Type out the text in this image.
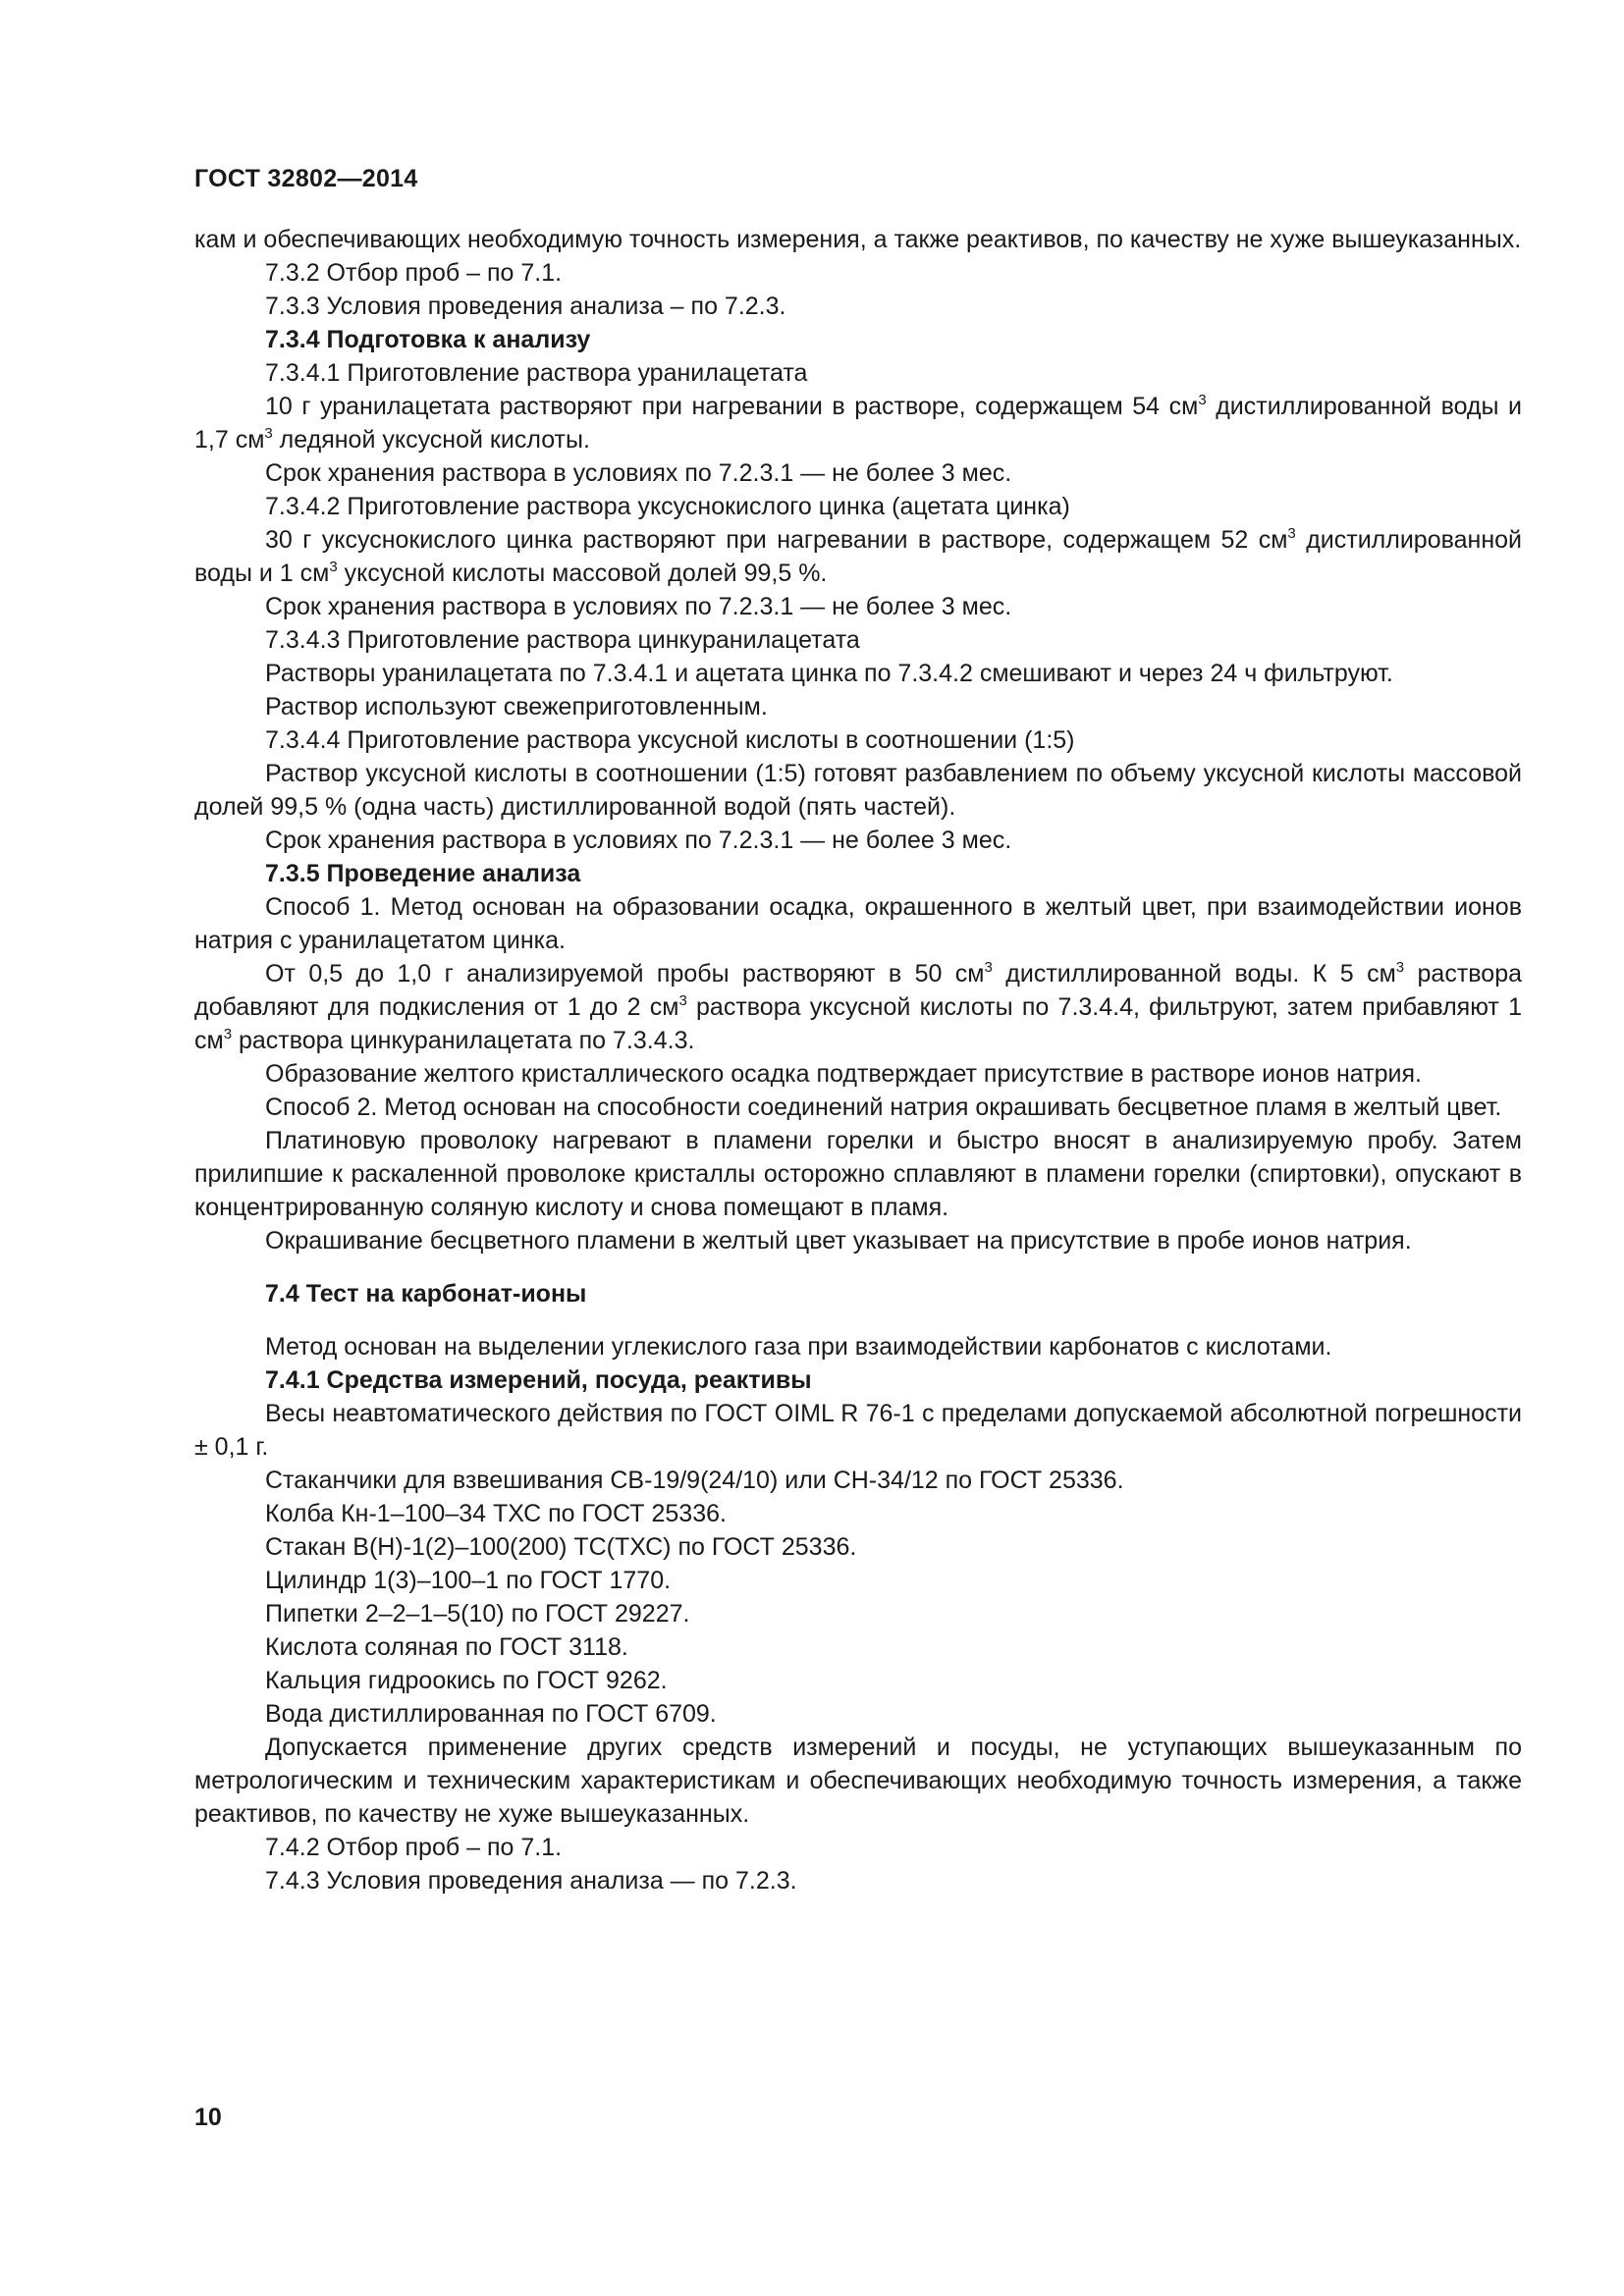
ГОСТ 32802—2014

кам и обеспечивающих необходимую точность измерения, а также реактивов, по качеству не хуже вышеуказанных.

7.3.2 Отбор проб – по 7.1.

7.3.3 Условия проведения анализа – по 7.2.3.

7.3.4 Подготовка к анализу

7.3.4.1 Приготовление раствора уранилацетата

10 г уранилацетата растворяют при нагревании в растворе, содержащем 54 $см^3$ дистиллированной воды и 1,7 $см^3$ ледяной уксусной кислоты.

Срок хранения раствора в условиях по 7.2.3.1 — не более 3 мес.

7.3.4.2 Приготовление раствора уксуснокислого цинка (ацетата цинка)

30 г уксуснокислого цинка растворяют при нагревании в растворе, содержащем 52 $см^3$ дистиллированной воды и 1 $см^3$ уксусной кислоты массовой долей 99,5 %.

Срок хранения раствора в условиях по 7.2.3.1 — не более 3 мес.

7.3.4.3 Приготовление раствора цинкуранилацетата

Растворы уранилацетата по 7.3.4.1 и ацетата цинка по 7.3.4.2 смешивают и через 24 ч фильтруют.

Раствор используют свежеприготовленным.

7.3.4.4 Приготовление раствора уксусной кислоты в соотношении (1:5)

Раствор уксусной кислоты в соотношении (1:5) готовят разбавлением по объему уксусной кислоты массовой долей 99,5 % (одна часть) дистиллированной водой (пять частей).

Срок хранения раствора в условиях по 7.2.3.1 — не более 3 мес.

7.3.5 Проведение анализа

Способ 1. Метод основан на образовании осадка, окрашенного в желтый цвет, при взаимодействии ионов натрия с уранилацетатом цинка.

От 0,5 до 1,0 г анализируемой пробы растворяют в 50 $см^3$ дистиллированной воды. К 5 $см^3$ раствора добавляют для подкисления от 1 до 2 $см^3$ раствора уксусной кислоты по 7.3.4.4, фильтруют, затем прибавляют 1 $см^3$ раствора цинкуранилацетата по 7.3.4.3.

Образование желтого кристаллического осадка подтверждает присутствие в растворе ионов натрия.

Способ 2. Метод основан на способности соединений натрия окрашивать бесцветное пламя в желтый цвет.

Платиновую проволоку нагревают в пламени горелки и быстро вносят в анализируемую пробу. Затем прилипшие к раскаленной проволоке кристаллы осторожно сплавляют в пламени горелки (спиртовки), опускают в концентрированную соляную кислоту и снова помещают в пламя.

Окрашивание бесцветного пламени в желтый цвет указывает на присутствие в пробе ионов натрия.

7.4 Тест на карбонат-ионы

Метод основан на выделении углекислого газа при взаимодействии карбонатов с кислотами.

7.4.1 Средства измерений, посуда, реактивы

Весы неавтоматического действия по ГОСТ OIML R 76-1 с пределами допускаемой абсолютной погрешности ± 0,1 г.

Стаканчики для взвешивания СВ-19/9(24/10) или СН-34/12 по ГОСТ 25336.

Колба Кн-1–100–34 ТХС по ГОСТ 25336.

Стакан В(Н)-1(2)–100(200) ТС(ТХС) по ГОСТ 25336.

Цилиндр 1(3)–100–1 по ГОСТ 1770.

Пипетки 2–2–1–5(10) по ГОСТ 29227.

Кислота соляная по ГОСТ 3118.

Кальция гидроокись по ГОСТ 9262.

Вода дистиллированная по ГОСТ 6709.

Допускается применение других средств измерений и посуды, не уступающих вышеуказанным по метрологическим и техническим характеристикам и обеспечивающих необходимую точность измерения, а также реактивов, по качеству не хуже вышеуказанных.

7.4.2 Отбор проб – по 7.1.

7.4.3 Условия проведения анализа — по 7.2.3.

10
